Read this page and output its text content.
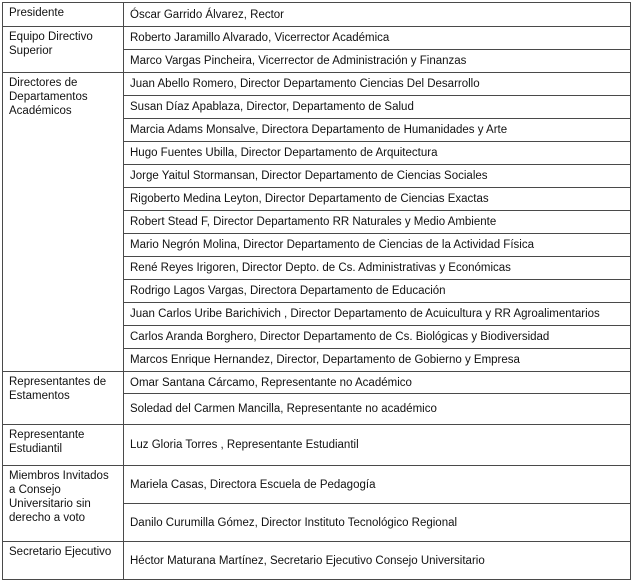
Presidente	Óscar Garrido Álvarez, Rector
Equipo Directivo Superior	Roberto Jaramillo Alvarado, Vicerrector Académica
	Marco Vargas Pincheira, Vicerrector de Administración y Finanzas
Directores de Departamentos Académicos	Juan Abello Romero, Director Departamento Ciencias Del Desarrollo
	Susan Díaz Apablaza, Director, Departamento de Salud
	Marcia Adams Monsalve, Directora Departamento de Humanidades y Arte
	Hugo Fuentes Ubilla, Director Departamento de Arquitectura
	Jorge Yaitul Stormansan, Director Departamento de Ciencias Sociales
	Rigoberto Medina Leyton, Director Departamento de Ciencias Exactas
	Robert Stead F, Director Departamento RR Naturales y Medio Ambiente
	Mario Negrón Molina, Director Departamento de Ciencias de la Actividad Física
	René Reyes Irigoren, Director Depto. de Cs. Administrativas y Económicas
	Rodrigo Lagos Vargas, Directora Departamento de Educación
	Juan Carlos Uribe Barichivich , Director Departamento de Acuicultura y RR Agroalimentarios
	Carlos Aranda Borghero, Director Departamento de Cs. Biológicas y Biodiversidad
	Marcos Enrique Hernandez, Director, Departamento de Gobierno y Empresa
Representantes de Estamentos	Omar Santana Cárcamo, Representante no Académico
	Soledad del Carmen Mancilla, Representante no académico
Representante Estudiantil	Luz Gloria Torres , Representante Estudiantil
Miembros Invitados a Consejo Universitario sin derecho a voto	Mariela Casas, Directora Escuela de Pedagogía
	Danilo Curumilla Gómez, Director Instituto Tecnológico Regional
Secretario Ejecutivo	Héctor Maturana Martínez, Secretario Ejecutivo Consejo Universitario
